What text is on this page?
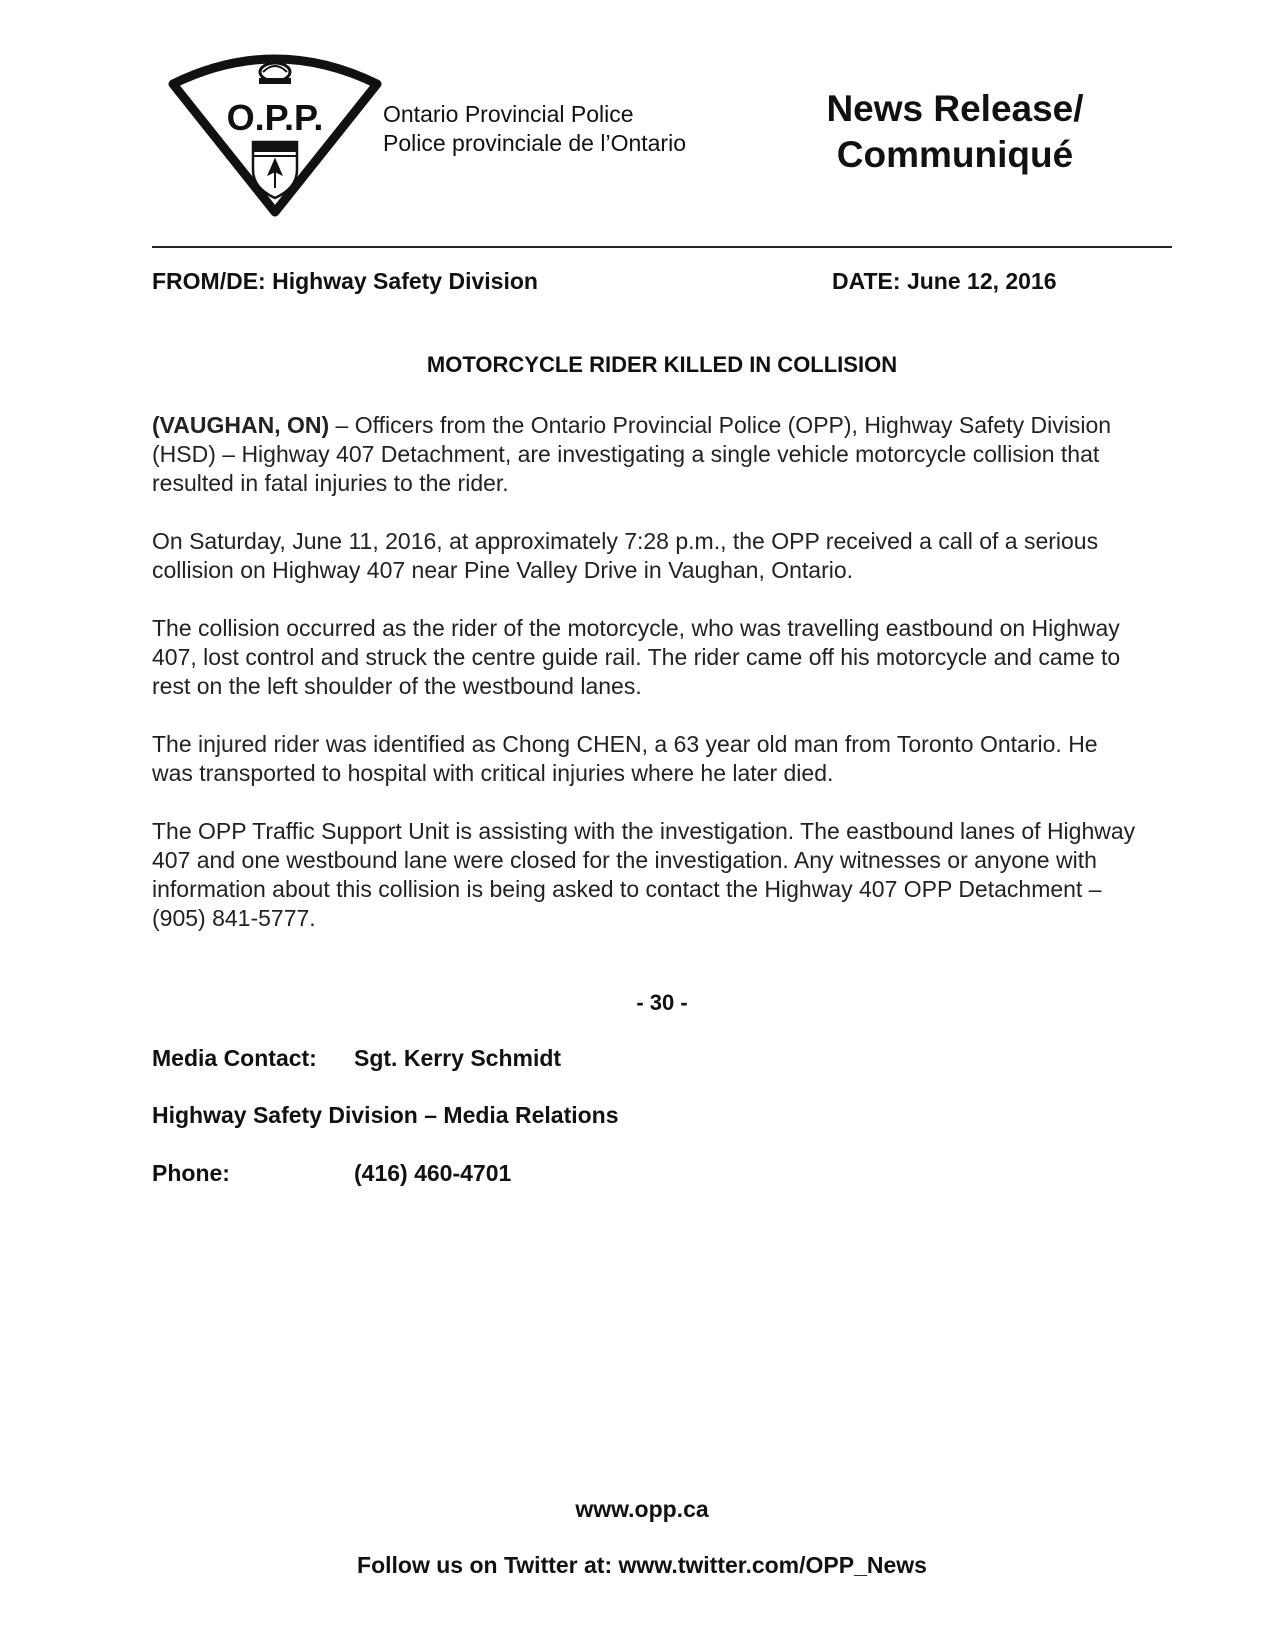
O.P.P.	Ontario Provincial Police
Police provinciale de l’Ontario
News Release/
Communiqué
FROM/DE: Highway Safety Division	DATE: June 12, 2016
MOTORCYCLE RIDER KILLED IN COLLISION

(VAUGHAN, ON) – Officers from the Ontario Provincial Police (OPP), Highway Safety Division (HSD) – Highway 407 Detachment, are investigating a single vehicle motorcycle collision that resulted in fatal injuries to the rider.

On Saturday, June 11, 2016, at approximately 7:28 p.m., the OPP received a call of a serious collision on Highway 407 near Pine Valley Drive in Vaughan, Ontario.

The collision occurred as the rider of the motorcycle, who was travelling eastbound on Highway 407, lost control and struck the centre guide rail. The rider came off his motorcycle and came to rest on the left shoulder of the westbound lanes.

The injured rider was identified as Chong CHEN, a 63 year old man from Toronto Ontario. He was transported to hospital with critical injuries where he later died.

The OPP Traffic Support Unit is assisting with the investigation. The eastbound lanes of Highway 407 and one westbound lane were closed for the investigation. Any witnesses or anyone with information about this collision is being asked to contact the Highway 407 OPP Detachment – (905) 841-5777.

- 30 -
Media Contact: Sgt. Kerry Schmidt
Highway Safety Division – Media Relations
Phone:	(416) 460-4701
www.opp.ca
Follow us on Twitter at: www.twitter.com/OPP_News
